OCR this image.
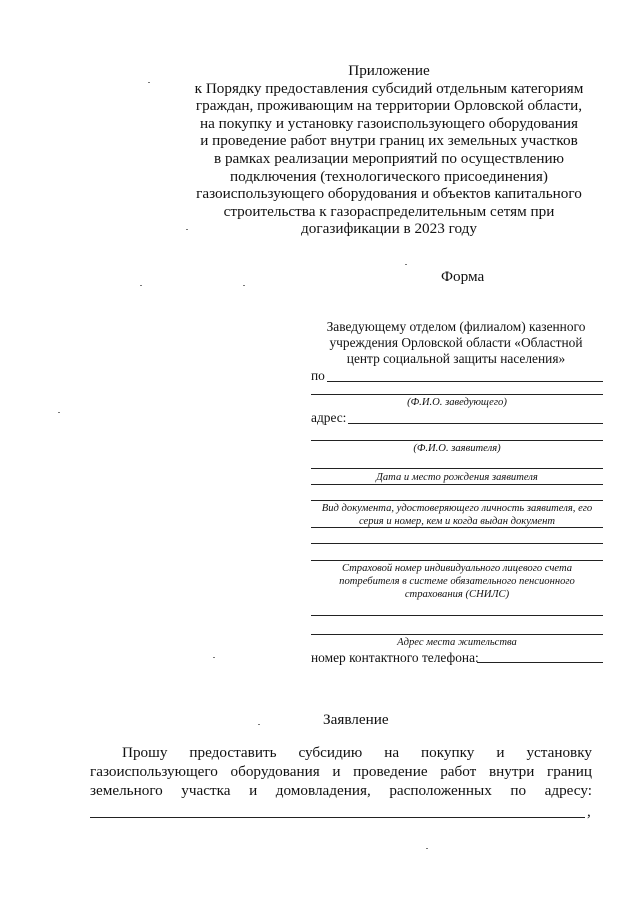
Приложение
к Порядку предоставления субсидий отдельным категориям
граждан, проживающим на территории Орловской области,
на покупку и установку газоиспользующего оборудования
и проведение работ внутри границ их земельных участков
в рамках реализации мероприятий по осуществлению
подключения (технологического присоединения)
газоиспользующего оборудования и объектов капитального
строительства к газораспределительным сетям при
догазификации в 2023 году
Форма
Заведующему отделом (филиалом) казенного
учреждения Орловской области «Областной
центр социальной защиты населения»
по
(Ф.И.О. заведующего)
адрес:
(Ф.И.О. заявителя)
Дата и место рождения заявителя
Вид документа, удостоверяющего личность заявителя, его
серия и номер, кем и когда выдан документ
Страховой номер индивидуального лицевого счета
потребителя в системе обязательного пенсионного
страхования (СНИЛС)
Адрес места жительства
номер контактного телефона:
Заявление
Прошу предоставить субсидию на покупку и установку
газоиспользующего оборудования и проведение работ внутри границ
земельного участка и домовладения, расположенных по адресу:
,
